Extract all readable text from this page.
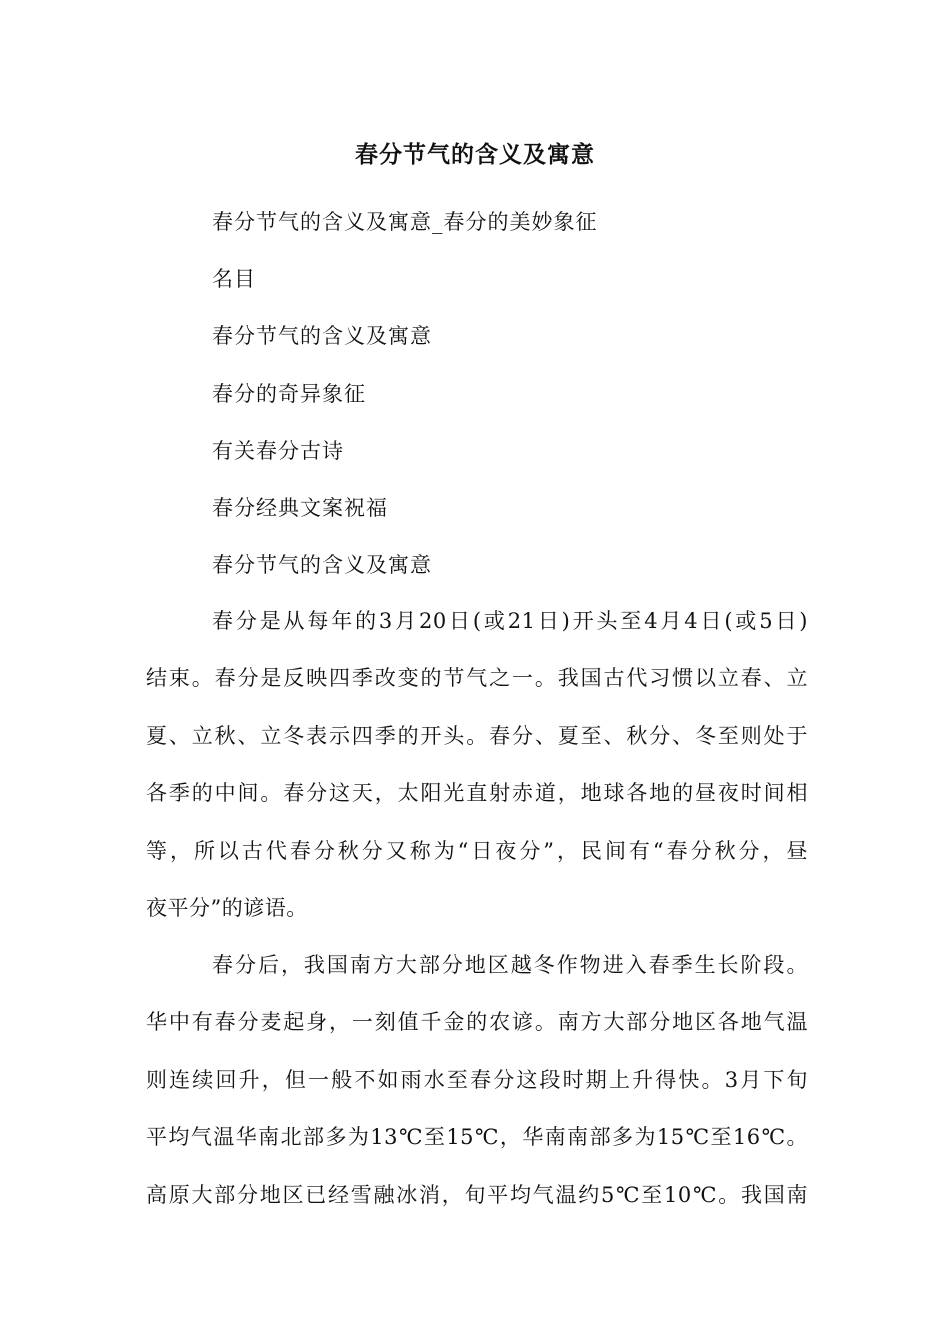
春分节气的含义及寓意
春分节气的含义及寓意_春分的美妙象征
名目
春分节气的含义及寓意
春分的奇异象征
有关春分古诗
春分经典文案祝福
春分节气的含义及寓意
春分是从每年的3月20日(或21日)开头至4月4日(或5日)
结束。春分是反映四季改变的节气之一。我国古代习惯以立春、立
夏、立秋、立冬表示四季的开头。春分、夏至、秋分、冬至则处于
各季的中间。春分这天，太阳光直射赤道，地球各地的昼夜时间相
等，所以古代春分秋分又称为“日夜分”，民间有“春分秋分，昼
夜平分”的谚语。
春分后，我国南方大部分地区越冬作物进入春季生长阶段。
华中有春分麦起身，一刻值千金的农谚。南方大部分地区各地气温
则连续回升，但一般不如雨水至春分这段时期上升得快。3月下旬
平均气温华南北部多为13℃至15℃，华南南部多为15℃至16℃。
高原大部分地区已经雪融冰消，旬平均气温约5℃至10℃。我国南
